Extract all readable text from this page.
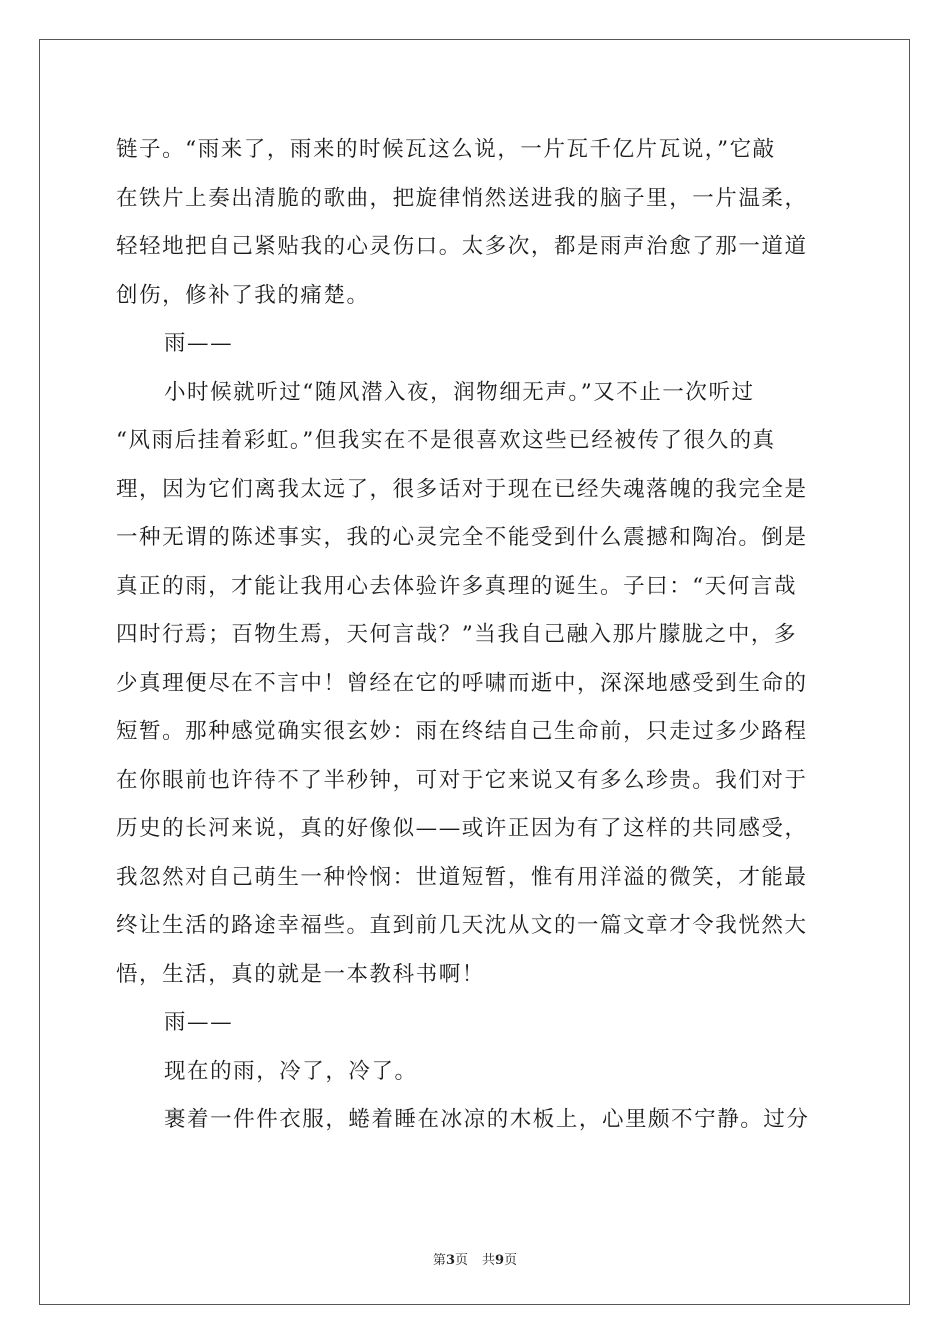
链子。“雨来了，雨来的时候瓦这么说，一片瓦千亿片瓦说，”它敲
在铁片上奏出清脆的歌曲，把旋律悄然送进我的脑子里，一片温柔，
轻轻地把自己紧贴我的心灵伤口。太多次，都是雨声治愈了那一道道
创伤，修补了我的痛楚。
雨——
小时候就听过“随风潜入夜，润物细无声。”又不止一次听过
“风雨后挂着彩虹。”但我实在不是很喜欢这些已经被传了很久的真
理，因为它们离我太远了，很多话对于现在已经失魂落魄的我完全是
一种无谓的陈述事实，我的心灵完全不能受到什么震撼和陶冶。倒是
真正的雨，才能让我用心去体验许多真理的诞生。子曰：“天何言哉
四时行焉；百物生焉，天何言哉？”当我自己融入那片朦胧之中，多
少真理便尽在不言中！曾经在它的呼啸而逝中，深深地感受到生命的
短暂。那种感觉确实很玄妙：雨在终结自己生命前，只走过多少路程
在你眼前也许待不了半秒钟，可对于它来说又有多么珍贵。我们对于
历史的长河来说，真的好像似——或许正因为有了这样的共同感受，
我忽然对自己萌生一种怜悯：世道短暂，惟有用洋溢的微笑，才能最
终让生活的路途幸福些。直到前几天沈从文的一篇文章才令我恍然大
悟，生活，真的就是一本教科书啊！
雨——
现在的雨，冷了，冷了。
裹着一件件衣服，蜷着睡在冰凉的木板上，心里颇不宁静。过分
第3页 共9页
